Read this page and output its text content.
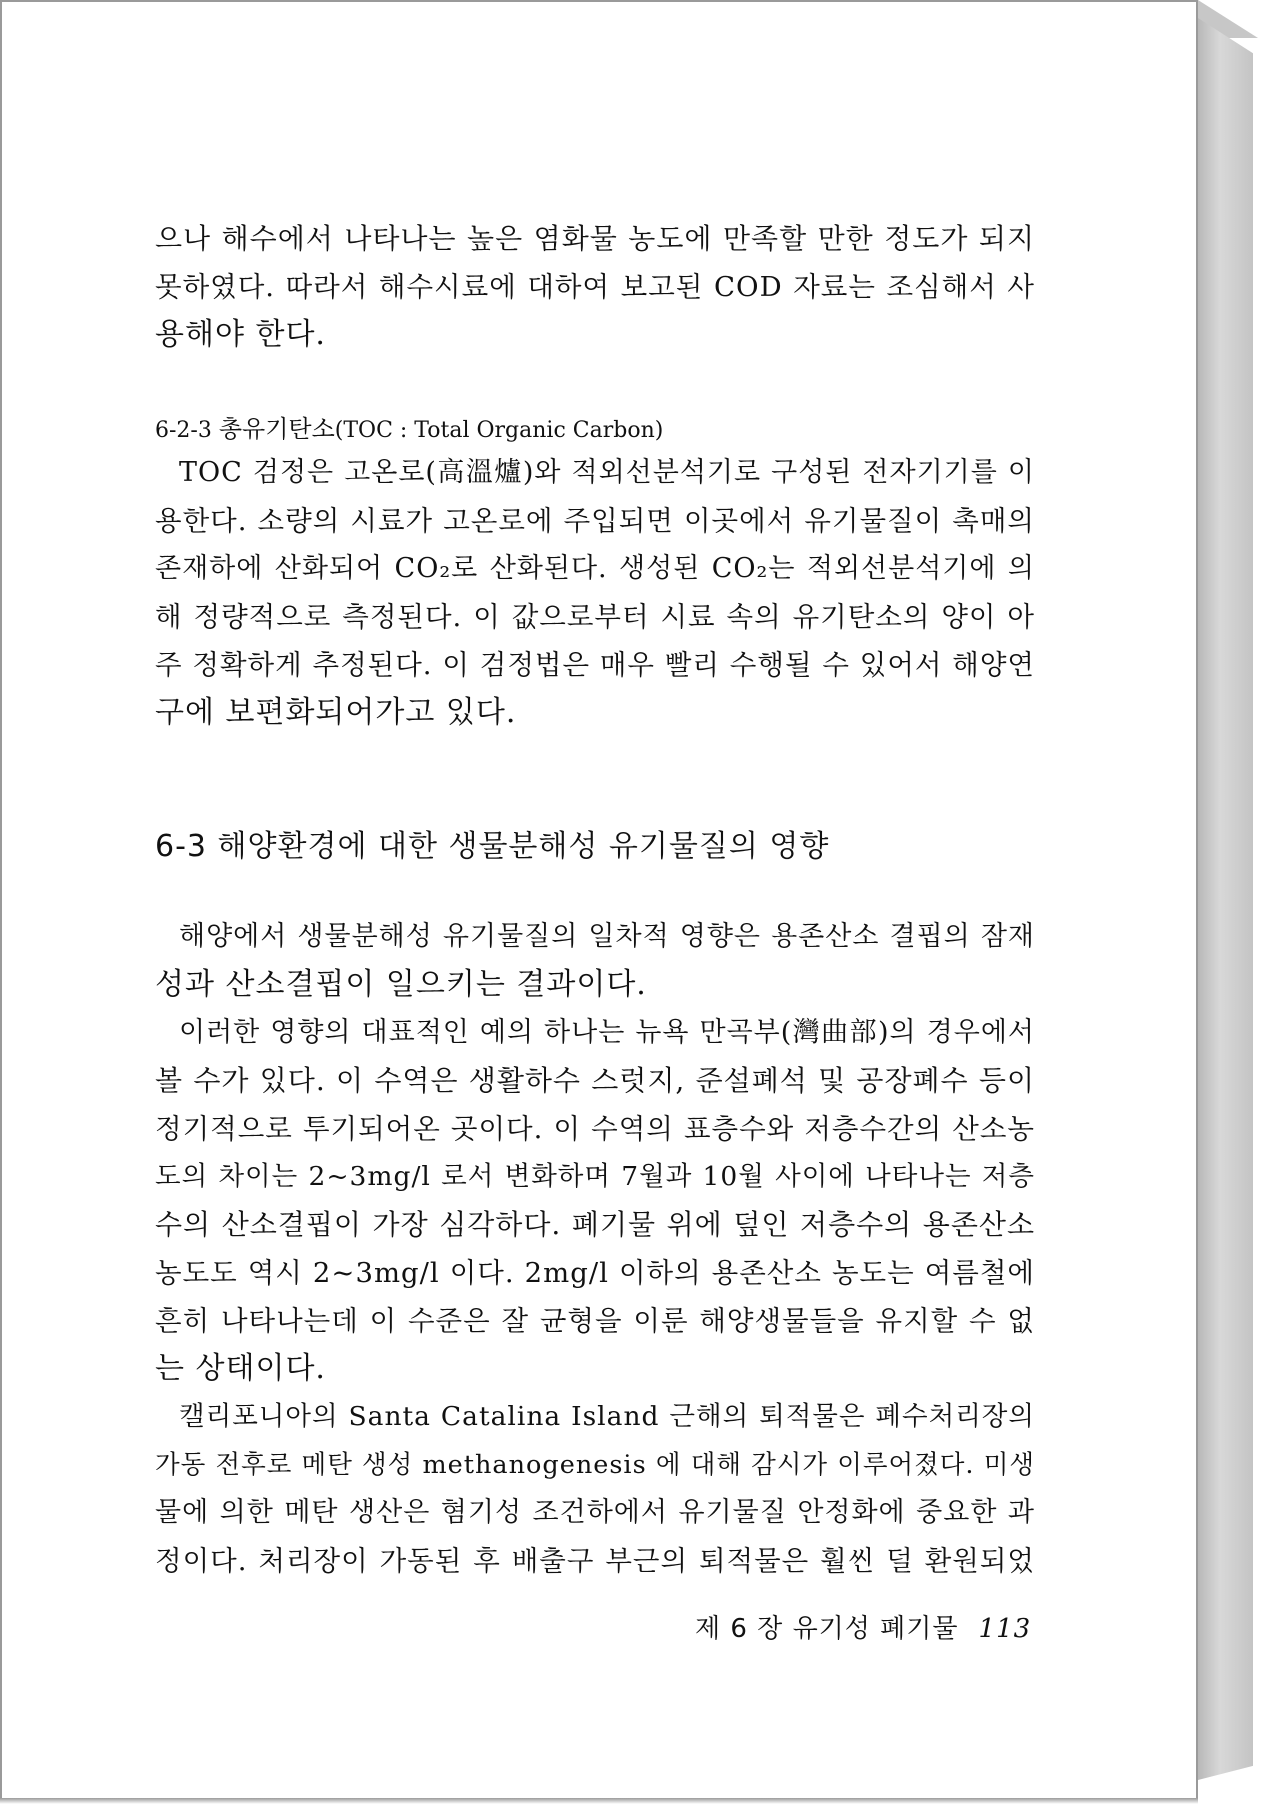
으나 해수에서 나타나는 높은 염화물 농도에 만족할 만한 정도가 되지
못하였다. 따라서 해수시료에 대하여 보고된 COD 자료는 조심해서 사
용해야 한다.
6-2-3 총유기탄소(TOC : Total Organic Carbon)
TOC 검정은 고온로(高溫爐)와 적외선분석기로 구성된 전자기기를 이
용한다. 소량의 시료가 고온로에 주입되면 이곳에서 유기물질이 촉매의
존재하에 산화되어 CO₂로 산화된다. 생성된 CO₂는 적외선분석기에 의
해 정량적으로 측정된다. 이 값으로부터 시료 속의 유기탄소의 양이 아
주 정확하게 추정된다. 이 검정법은 매우 빨리 수행될 수 있어서 해양연
구에 보편화되어가고 있다.
6-3 해양환경에 대한 생물분해성 유기물질의 영향
해양에서 생물분해성 유기물질의 일차적 영향은 용존산소 결핍의 잠재
성과 산소결핍이 일으키는 결과이다.
이러한 영향의 대표적인 예의 하나는 뉴욕 만곡부(灣曲部)의 경우에서
볼 수가 있다. 이 수역은 생활하수 스럿지, 준설폐석 및 공장폐수 등이
정기적으로 투기되어온 곳이다. 이 수역의 표층수와 저층수간의 산소농
도의 차이는 2~3mg/l 로서 변화하며 7월과 10월 사이에 나타나는 저층
수의 산소결핍이 가장 심각하다. 폐기물 위에 덮인 저층수의 용존산소
농도도 역시 2~3mg/l 이다. 2mg/l 이하의 용존산소 농도는 여름철에
흔히 나타나는데 이 수준은 잘 균형을 이룬 해양생물들을 유지할 수 없
는 상태이다.
캘리포니아의 Santa Catalina Island 근해의 퇴적물은 폐수처리장의
가동 전후로 메탄 생성 methanogenesis 에 대해 감시가 이루어졌다. 미생
물에 의한 메탄 생산은 혐기성 조건하에서 유기물질 안정화에 중요한 과
정이다. 처리장이 가동된 후 배출구 부근의 퇴적물은 훨씬 덜 환원되었
제 6 장 유기성 폐기물 113
